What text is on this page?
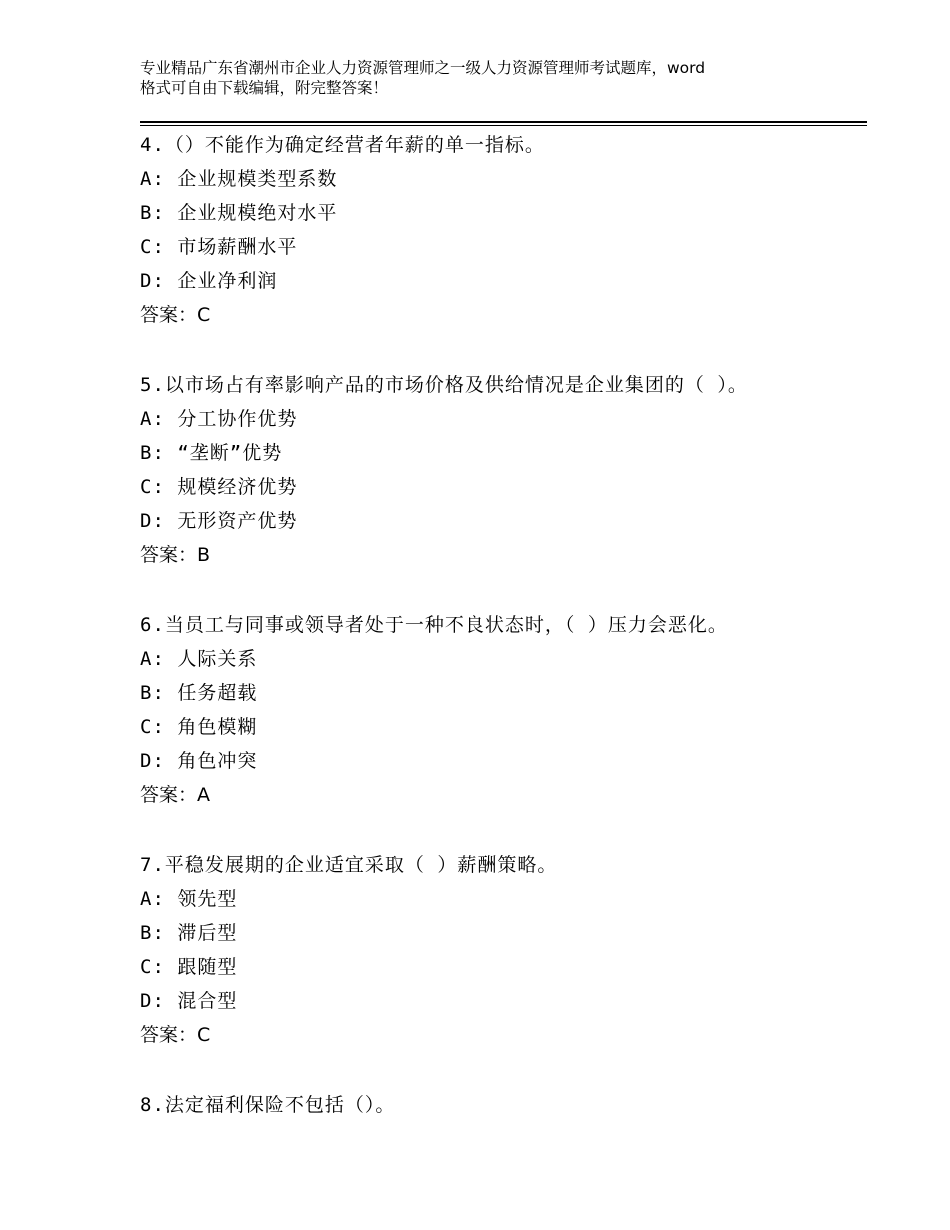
专业精品广东省潮州市企业人力资源管理师之一级人力资源管理师考试题库，word
格式可自由下载编辑，附完整答案！
4.（）不能作为确定经营者年薪的单一指标。
A: 企业规模类型系数
B: 企业规模绝对水平
C: 市场薪酬水平
D: 企业净利润
答案：C
5.以市场占有率影响产品的市场价格及供给情况是企业集团的（ ）。
A: 分工协作优势
B: “垄断”优势
C: 规模经济优势
D: 无形资产优势
答案：B
6.当员工与同事或领导者处于一种不良状态时，（ ）压力会恶化。
A: 人际关系
B: 任务超载
C: 角色模糊
D: 角色冲突
答案：A
7.平稳发展期的企业适宜采取（ ）薪酬策略。
A: 领先型
B: 滞后型
C: 跟随型
D: 混合型
答案：C
8.法定福利保险不包括（）。
